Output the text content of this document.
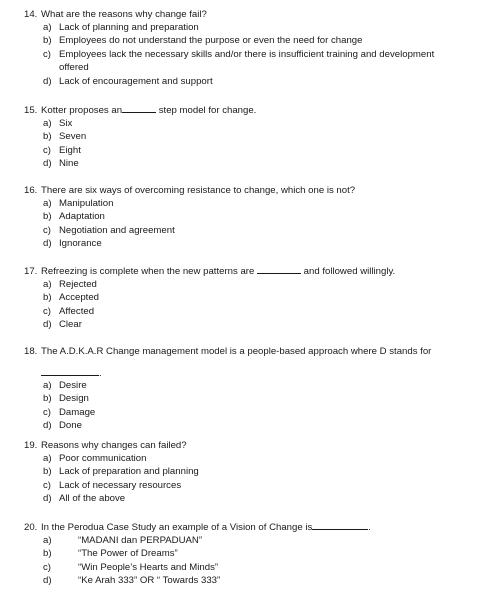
14. What are the reasons why change fail?
a) Lack of planning and preparation
b) Employees do not understand the purpose or even the need for change
c) Employees lack the necessary skills and/or there is insufficient training and development offered
d) Lack of encouragement and support
15. Kotter proposes an	step model for change.
a) Six
b) Seven
c) Eight
d) Nine
16. There are six ways of overcoming resistance to change, which one is not?
a) Manipulation
b) Adaptation
c) Negotiation and agreement
d) Ignorance
17. Refreezing is complete when the new patterns are	and followed willingly.
a) Rejected
b) Accepted
c) Affected
d) Clear
18. The A.D.K.A.R Change management model is a people-based approach where D stands for
.
a) Desire
b) Design
c) Damage
d) Done
19. Reasons why changes can failed?
a) Poor communication
b) Lack of preparation and planning
c) Lack of necessary resources
d) All of the above
20. In the Perodua Case Study an example of a Vision of Change is	.
a)	“MADANI dan PERPADUAN”
b)	“The Power of Dreams”
c)	“Win People’s Hearts and Minds”
d)	“Ke Arah 333” OR “ Towards 333”
